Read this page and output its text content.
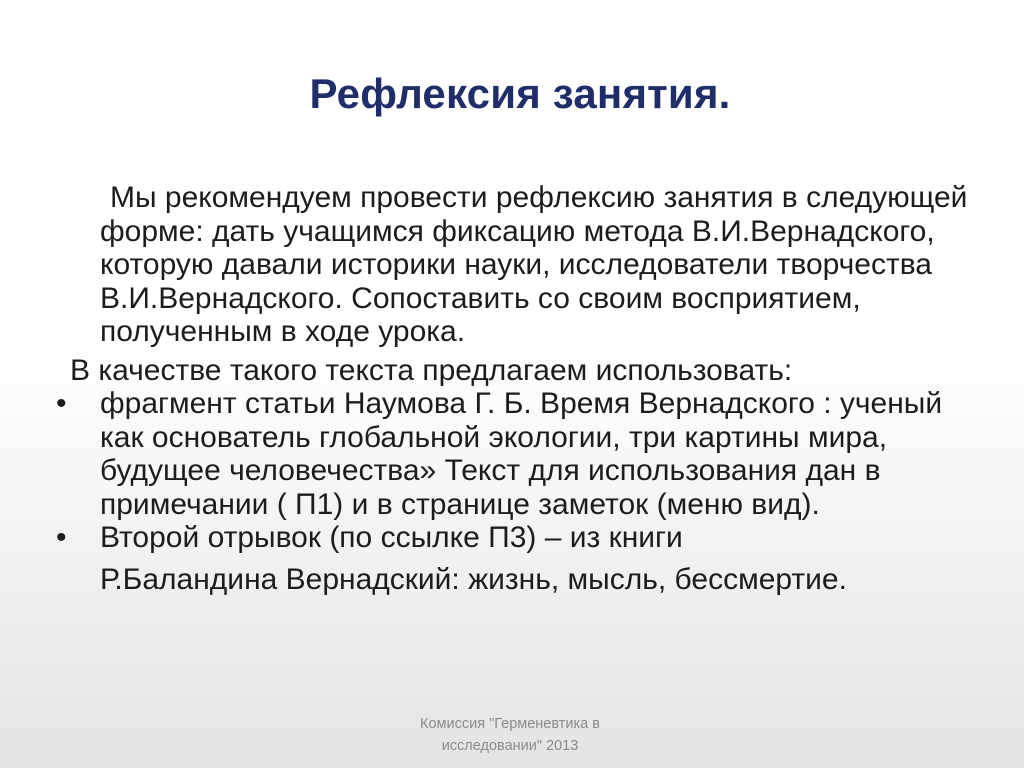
Рефлексия занятия.

Мы рекомендуем провести рефлексию занятия в следующей форме: дать учащимся фиксацию метода В.И.Вернадского, которую давали историки науки, исследователи творчества В.И.Вернадского. Сопоставить со своим восприятием, полученным в ходе урока.

В качестве такого текста предлагаем использовать:
• фрагмент статьи Наумова Г. Б. Время Вернадского : ученый как основатель глобальной экологии, три картины мира, будущее человечества» Текст для использования дан в примечании ( П1) и в странице заметок (меню вид).
• Второй отрывок (по ссылке П3) – из книги
Р.Баландина Вернадский: жизнь, мысль, бессмертие.
Комиссия "Герменевтика в
исследовании" 2013
